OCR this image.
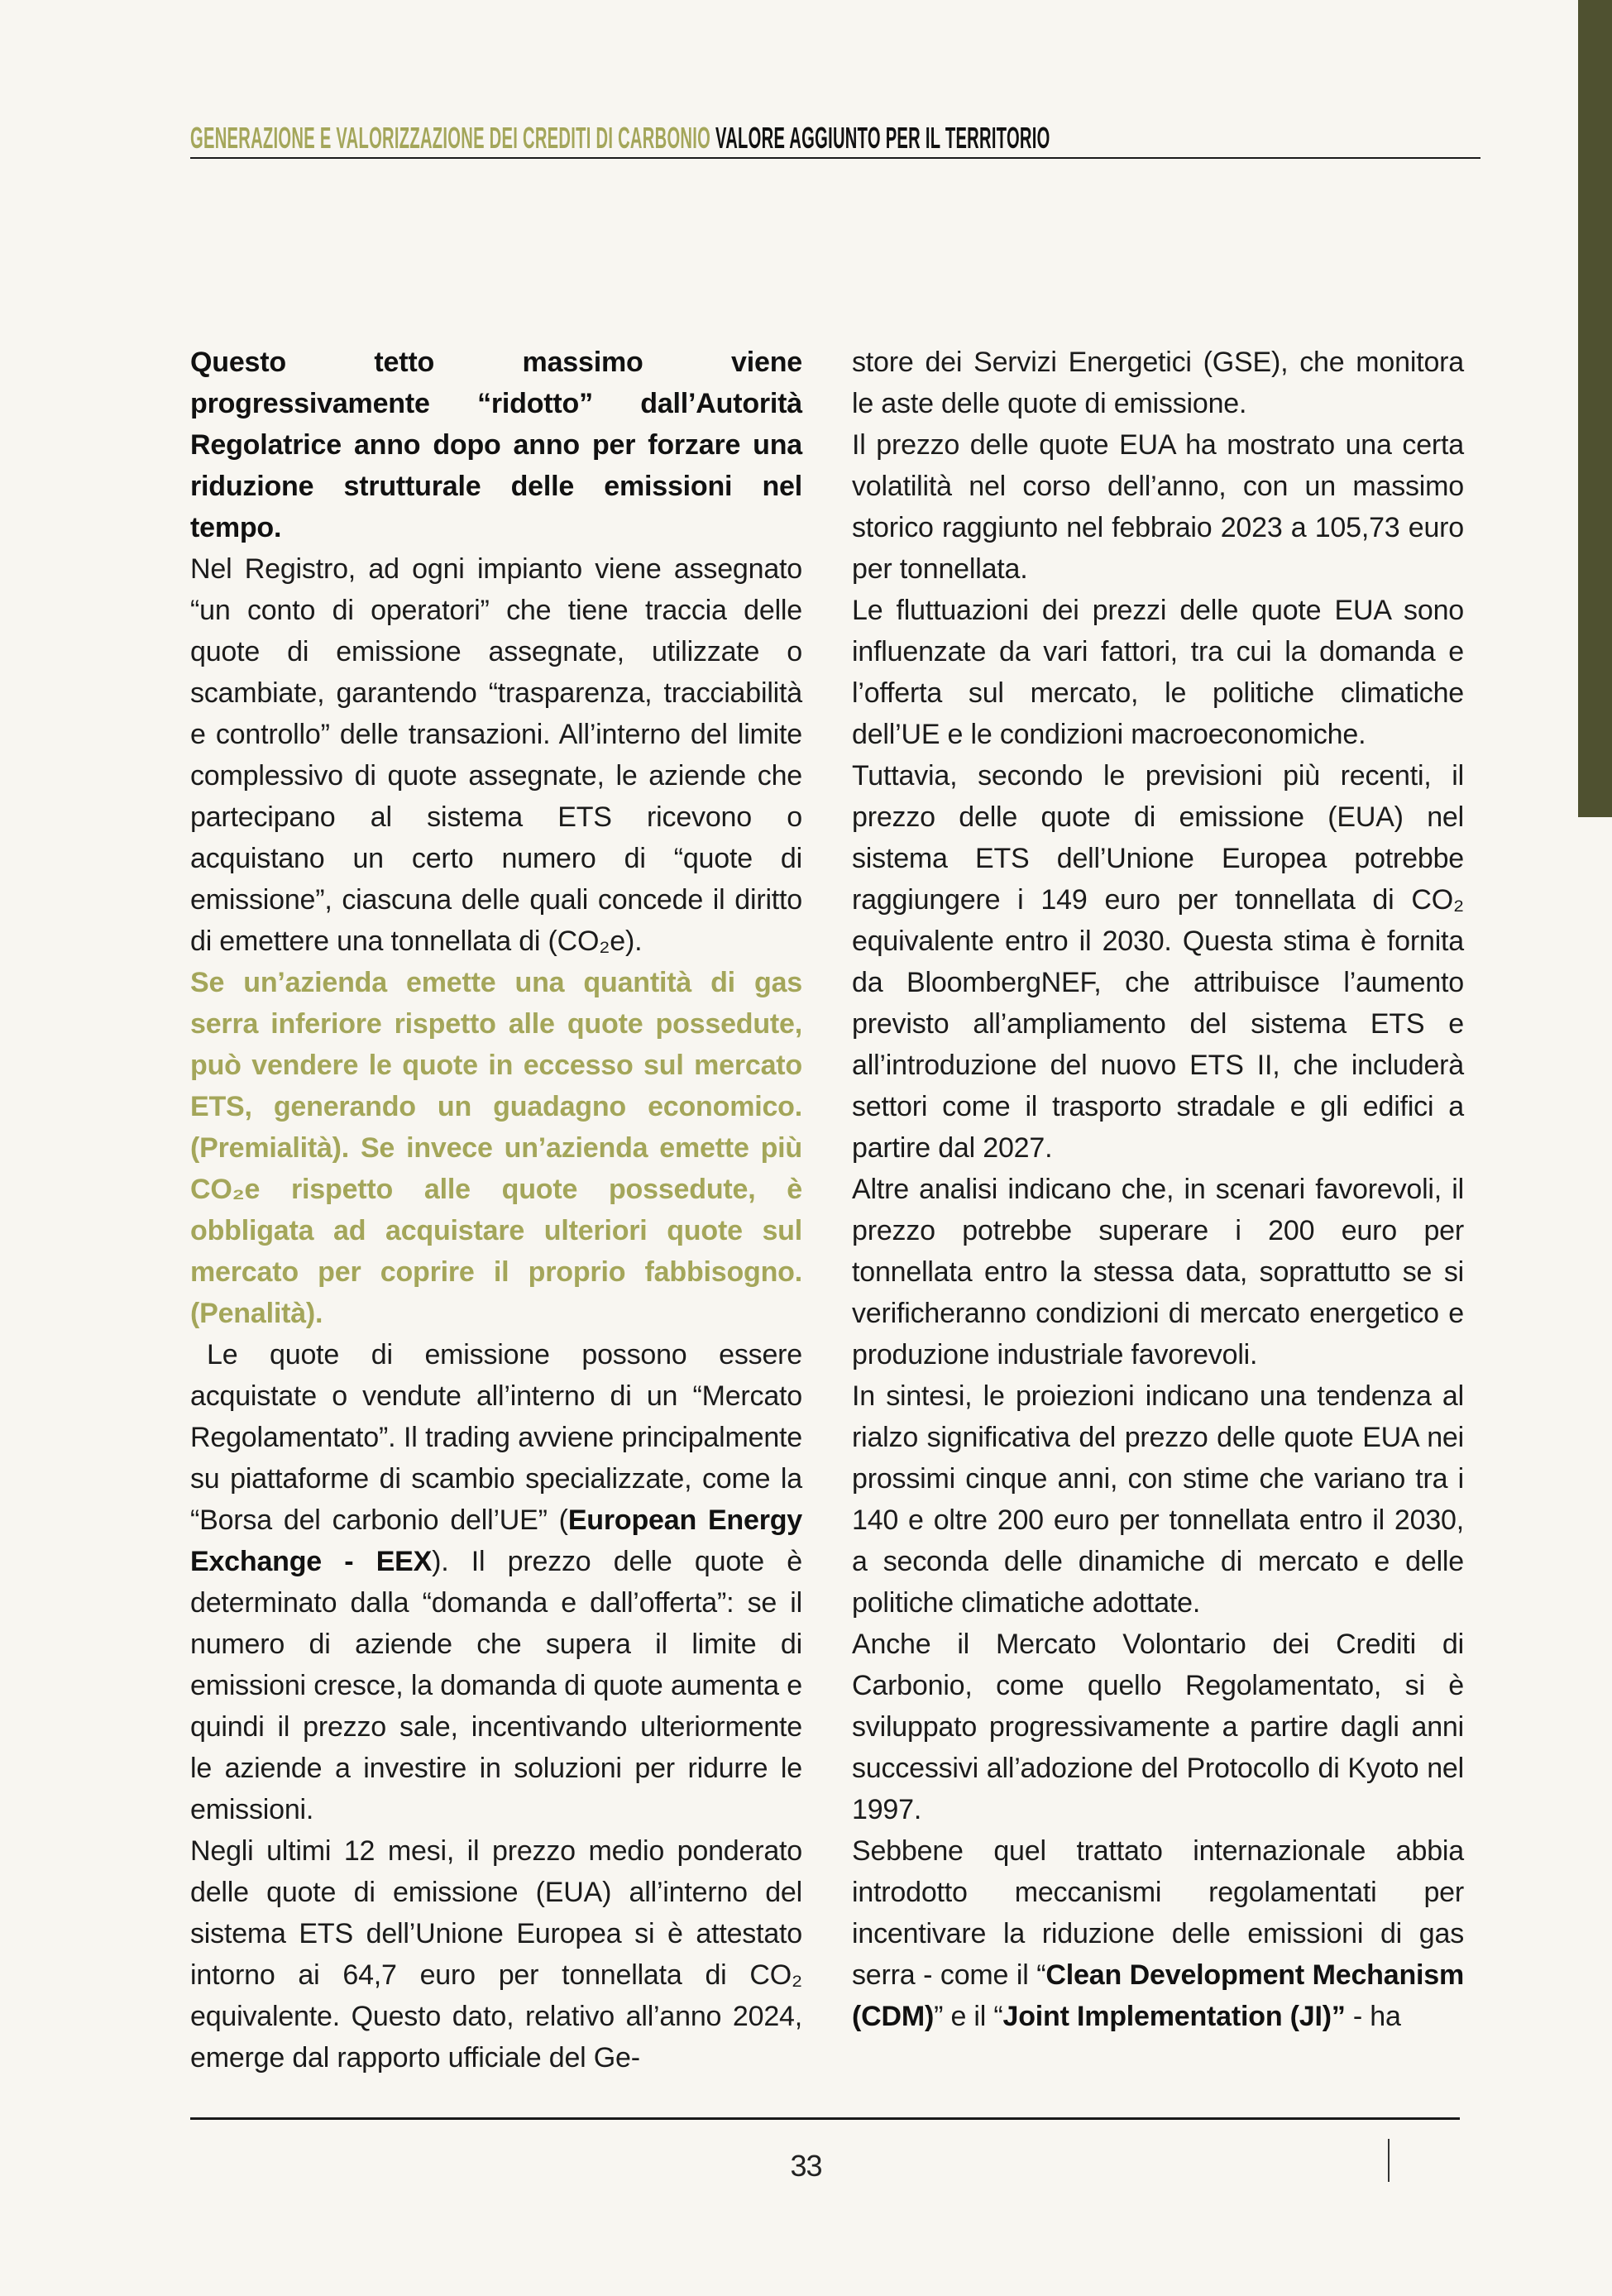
GENERAZIONE E VALORIZZAZIONE DEI CREDITI DI CARBONIO VALORE AGGIUNTO PER IL TERRITORIO

Questo tetto massimo viene progressivamente “ridotto” dall’Autorità Regolatrice anno dopo anno per forzare una riduzione strutturale delle emissioni nel tempo.

Nel Registro, ad ogni impianto viene assegnato “un conto di operatori” che tiene traccia delle quote di emissione assegnate, utilizzate o scambiate, garantendo “trasparenza, tracciabilità e controllo” delle transazioni. All’interno del limite complessivo di quote assegnate, le aziende che partecipano al sistema ETS ricevono o acquistano un certo numero di “quote di emissione”, ciascuna delle quali concede il diritto di emettere una tonnellata di (CO₂e).

Se un’azienda emette una quantità di gas serra inferiore rispetto alle quote possedute, può vendere le quote in eccesso sul mercato ETS, generando un guadagno economico. (Premialità). Se invece un’azienda emette più CO₂e rispetto alle quote possedute, è obbligata ad acquistare ulteriori quote sul mercato per coprire il proprio fabbisogno. (Penalità).

Le quote di emissione possono essere acquistate o vendute all’interno di un “Mercato Regolamentato”. Il trading avviene principalmente su piattaforme di scambio specializzate, come la “Borsa del carbonio dell’UE” (European Energy Exchange - EEX). Il prezzo delle quote è determinato dalla “domanda e dall’offerta”: se il numero di aziende che supera il limite di emissioni cresce, la domanda di quote aumenta e quindi il prezzo sale, incentivando ulteriormente le aziende a investire in soluzioni per ridurre le emissioni.

Negli ultimi 12 mesi, il prezzo medio ponderato delle quote di emissione (EUA) all’interno del sistema ETS dell’Unione Europea si è attestato intorno ai 64,7 euro per tonnellata di CO₂ equivalente. Questo dato, relativo all’anno 2024, emerge dal rapporto ufficiale del Ge-

store dei Servizi Energetici (GSE), che monitora le aste delle quote di emissione.

Il prezzo delle quote EUA ha mostrato una certa volatilità nel corso dell’anno, con un massimo storico raggiunto nel febbraio 2023 a 105,73 euro per tonnellata.

Le fluttuazioni dei prezzi delle quote EUA sono influenzate da vari fattori, tra cui la domanda e l’offerta sul mercato, le politiche climatiche dell’UE e le condizioni macroeconomiche.

Tuttavia, secondo le previsioni più recenti, il prezzo delle quote di emissione (EUA) nel sistema ETS dell’Unione Europea potrebbe raggiungere i 149 euro per tonnellata di CO₂ equivalente entro il 2030. Questa stima è fornita da BloombergNEF, che attribuisce l’aumento previsto all’ampliamento del sistema ETS e all’introduzione del nuovo ETS II, che includerà settori come il trasporto stradale e gli edifici a partire dal 2027.

Altre analisi indicano che, in scenari favorevoli, il prezzo potrebbe superare i 200 euro per tonnellata entro la stessa data, soprattutto se si verificheranno condizioni di mercato energetico e produzione industriale favorevoli.

In sintesi, le proiezioni indicano una tendenza al rialzo significativa del prezzo delle quote EUA nei prossimi cinque anni, con stime che variano tra i 140 e oltre 200 euro per tonnellata entro il 2030, a seconda delle dinamiche di mercato e delle politiche climatiche adottate.

Anche il Mercato Volontario dei Crediti di Carbonio, come quello Regolamentato, si è sviluppato progressivamente a partire dagli anni successivi all’adozione del Protocollo di Kyoto nel 1997.

Sebbene quel trattato internazionale abbia introdotto meccanismi regolamentati per incentivare la riduzione delle emissioni di gas serra - come il “Clean Development Mechanism (CDM)” e il “Joint Implementation (JI)” - ha

33
